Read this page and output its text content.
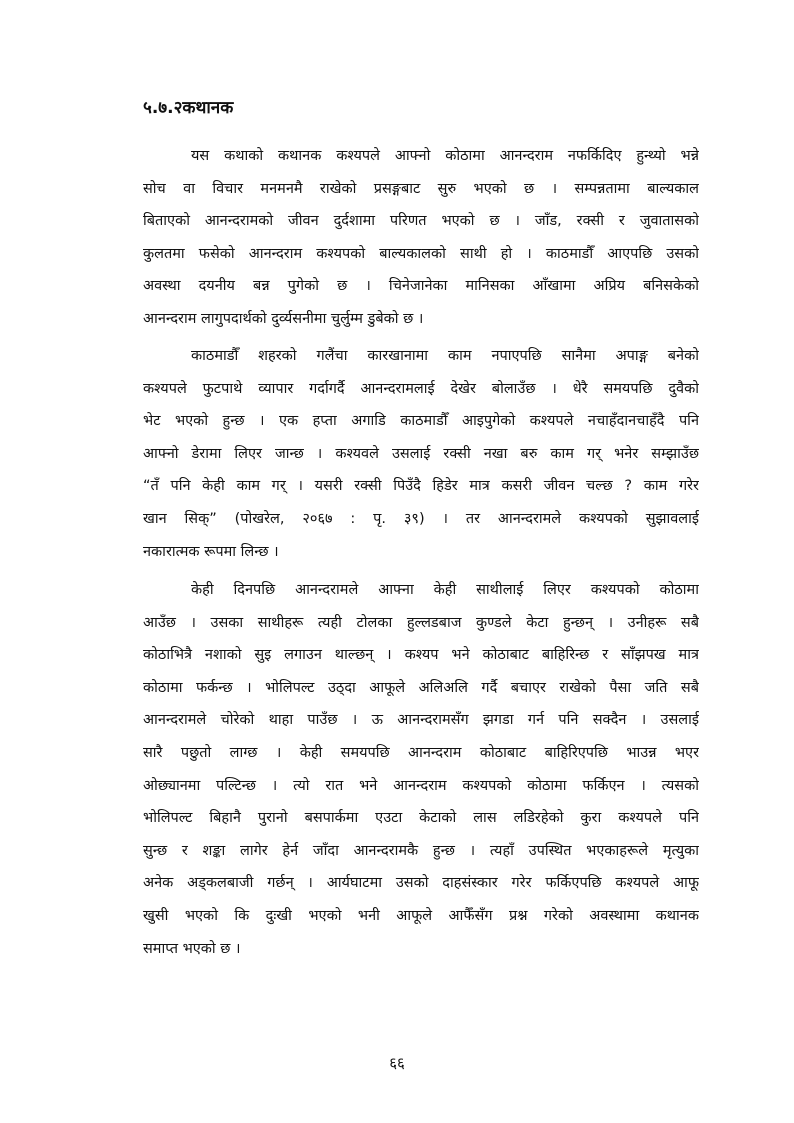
५.७.२कथानक
यस कथाको कथानक कश्यपले आफ्नो कोठामा आनन्दराम नफर्किदिए हुन्थ्यो भन्ने
सोच वा विचार मनमनमै राखेको प्रसङ्गबाट सुरु भएको छ । सम्पन्नतामा बाल्यकाल
बिताएको आनन्दरामको जीवन दुर्दशामा परिणत भएको छ । जाँड, रक्सी र जुवातासको
कुलतमा फसेको आनन्दराम कश्यपको बाल्यकालको साथी हो । काठमाडौँ आएपछि उसको
अवस्था दयनीय बन्न पुगेको छ । चिनेजानेका मानिसका आँखामा अप्रिय बनिसकेको
आनन्दराम लागुपदार्थको दुर्व्यसनीमा चुर्लुम्म डुबेको छ ।
काठमाडौँ शहरको गलैंचा कारखानामा काम नपाएपछि सानैमा अपाङ्ग बनेको
कश्यपले फुटपाथे व्यापार गर्दागर्दै आनन्दरामलाई देखेर बोलाउँछ । धेरै समयपछि दुवैको
भेट भएको हुन्छ । एक हप्ता अगाडि काठमाडौँ आइपुगेको कश्यपले नचाहँदानचाहँदै पनि
आफ्नो डेरामा लिएर जान्छ । कश्यवले उसलाई रक्सी नखा बरु काम गर् भनेर सम्झाउँछ
“तँ पनि केही काम गर् । यसरी रक्सी पिउँदै हिडेर मात्र कसरी जीवन चल्छ ? काम गरेर
खान सिक्” (पोखरेल, २०६७ : पृ. ३९) । तर आनन्दरामले कश्यपको सुझावलाई
नकारात्मक रूपमा लिन्छ ।
केही दिनपछि आनन्दरामले आफ्ना केही साथीलाई लिएर कश्यपको कोठामा
आउँछ । उसका साथीहरू त्यही टोलका हुल्लडबाज कुण्डले केटा हुन्छन् । उनीहरू सबै
कोठाभित्रै नशाको सुइ लगाउन थाल्छन् । कश्यप भने कोठाबाट बाहिरिन्छ र साँझपख मात्र
कोठामा फर्कन्छ । भोलिपल्ट उठ्दा आफूले अलिअलि गर्दै बचाएर राखेको पैसा जति सबै
आनन्दरामले चोरेको थाहा पाउँछ । ऊ आनन्दरामसँग झगडा गर्न पनि सक्दैन । उसलाई
सारै पछुतो लाग्छ । केही समयपछि आनन्दराम कोठाबाट बाहिरिएपछि भाउन्न भएर
ओछ्यानमा पल्टिन्छ । त्यो रात भने आनन्दराम कश्यपको कोठामा फर्किएन । त्यसको
भोलिपल्ट बिहानै पुरानो बसपार्कमा एउटा केटाको लास लडिरहेको कुरा कश्यपले पनि
सुन्छ र शङ्का लागेर हेर्न जाँदा आनन्दरामकै हुन्छ । त्यहाँ उपस्थित भएकाहरूले मृत्युका
अनेक अड्कलबाजी गर्छन् । आर्यघाटमा उसको दाहसंस्कार गरेर फर्किएपछि कश्यपले आफू
खुसी भएको कि दुःखी भएको भनी आफूले आफैँसँग प्रश्न गरेको अवस्थामा कथानक
समाप्त भएको छ ।
६६
